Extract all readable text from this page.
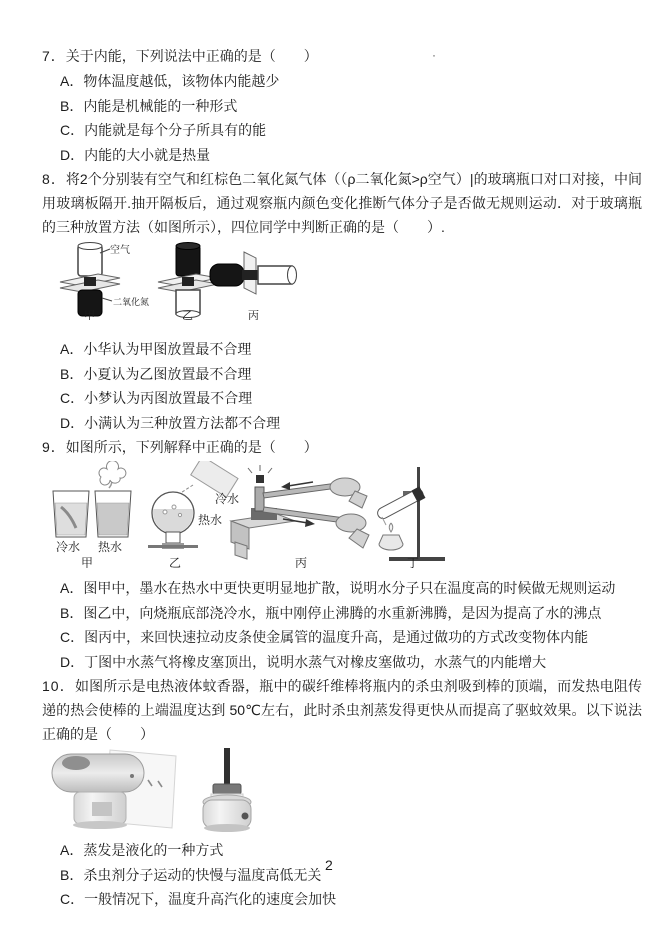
·

7．关于内能，下列说法中正确的是（　　）

A．物体温度越低，该物体内能越少

B．内能是机械能的一种形式

C．内能就是每个分子所具有的能

D．内能的大小就是热量

8．将2个分别装有空气和红棕色二氧化氮气体（（ρ二氧化氮>ρ空气）|的玻璃瓶口对口对接，中间用玻璃板隔开.抽开隔板后，通过观察瓶内颜色变化推断气体分子是否做无规则运动．对于玻璃瓶的三种放置方法（如图所示），四位同学中判断正确的是（　　）.

空气
二氧化氮
甲	乙	丙

A．小华认为甲图放置最不合理

B．小夏认为乙图放置最不合理

C．小梦认为丙图放置最不合理

D．小满认为三种放置方法都不合理

9．如图所示，下列解释中正确的是（　　）

冷水 热水
甲
冷水
热水
乙	丙	丁

A．图甲中，墨水在热水中更快更明显地扩散，说明水分子只在温度高的时候做无规则运动

B．图乙中，向烧瓶底部浇冷水，瓶中刚停止沸腾的水重新沸腾，是因为提高了水的沸点

C．图丙中，来回快速拉动皮条使金属管的温度升高，是通过做功的方式改变物体内能

D．丁图中水蒸气将橡皮塞顶出，说明水蒸气对橡皮塞做功，水蒸气的内能增大

10．如图所示是电热液体蚊香器，瓶中的碳纤维棒将瓶内的杀虫剂吸到棒的顶端，而发热电阻传递的热会使棒的上端温度达到 50℃左右，此时杀虫剂蒸发得更快从而提高了驱蚊效果。以下说法正确的是（　　）

A．蒸发是液化的一种方式

B．杀虫剂分子运动的快慢与温度高低无关

C．一般情况下，温度升高汽化的速度会加快

2
